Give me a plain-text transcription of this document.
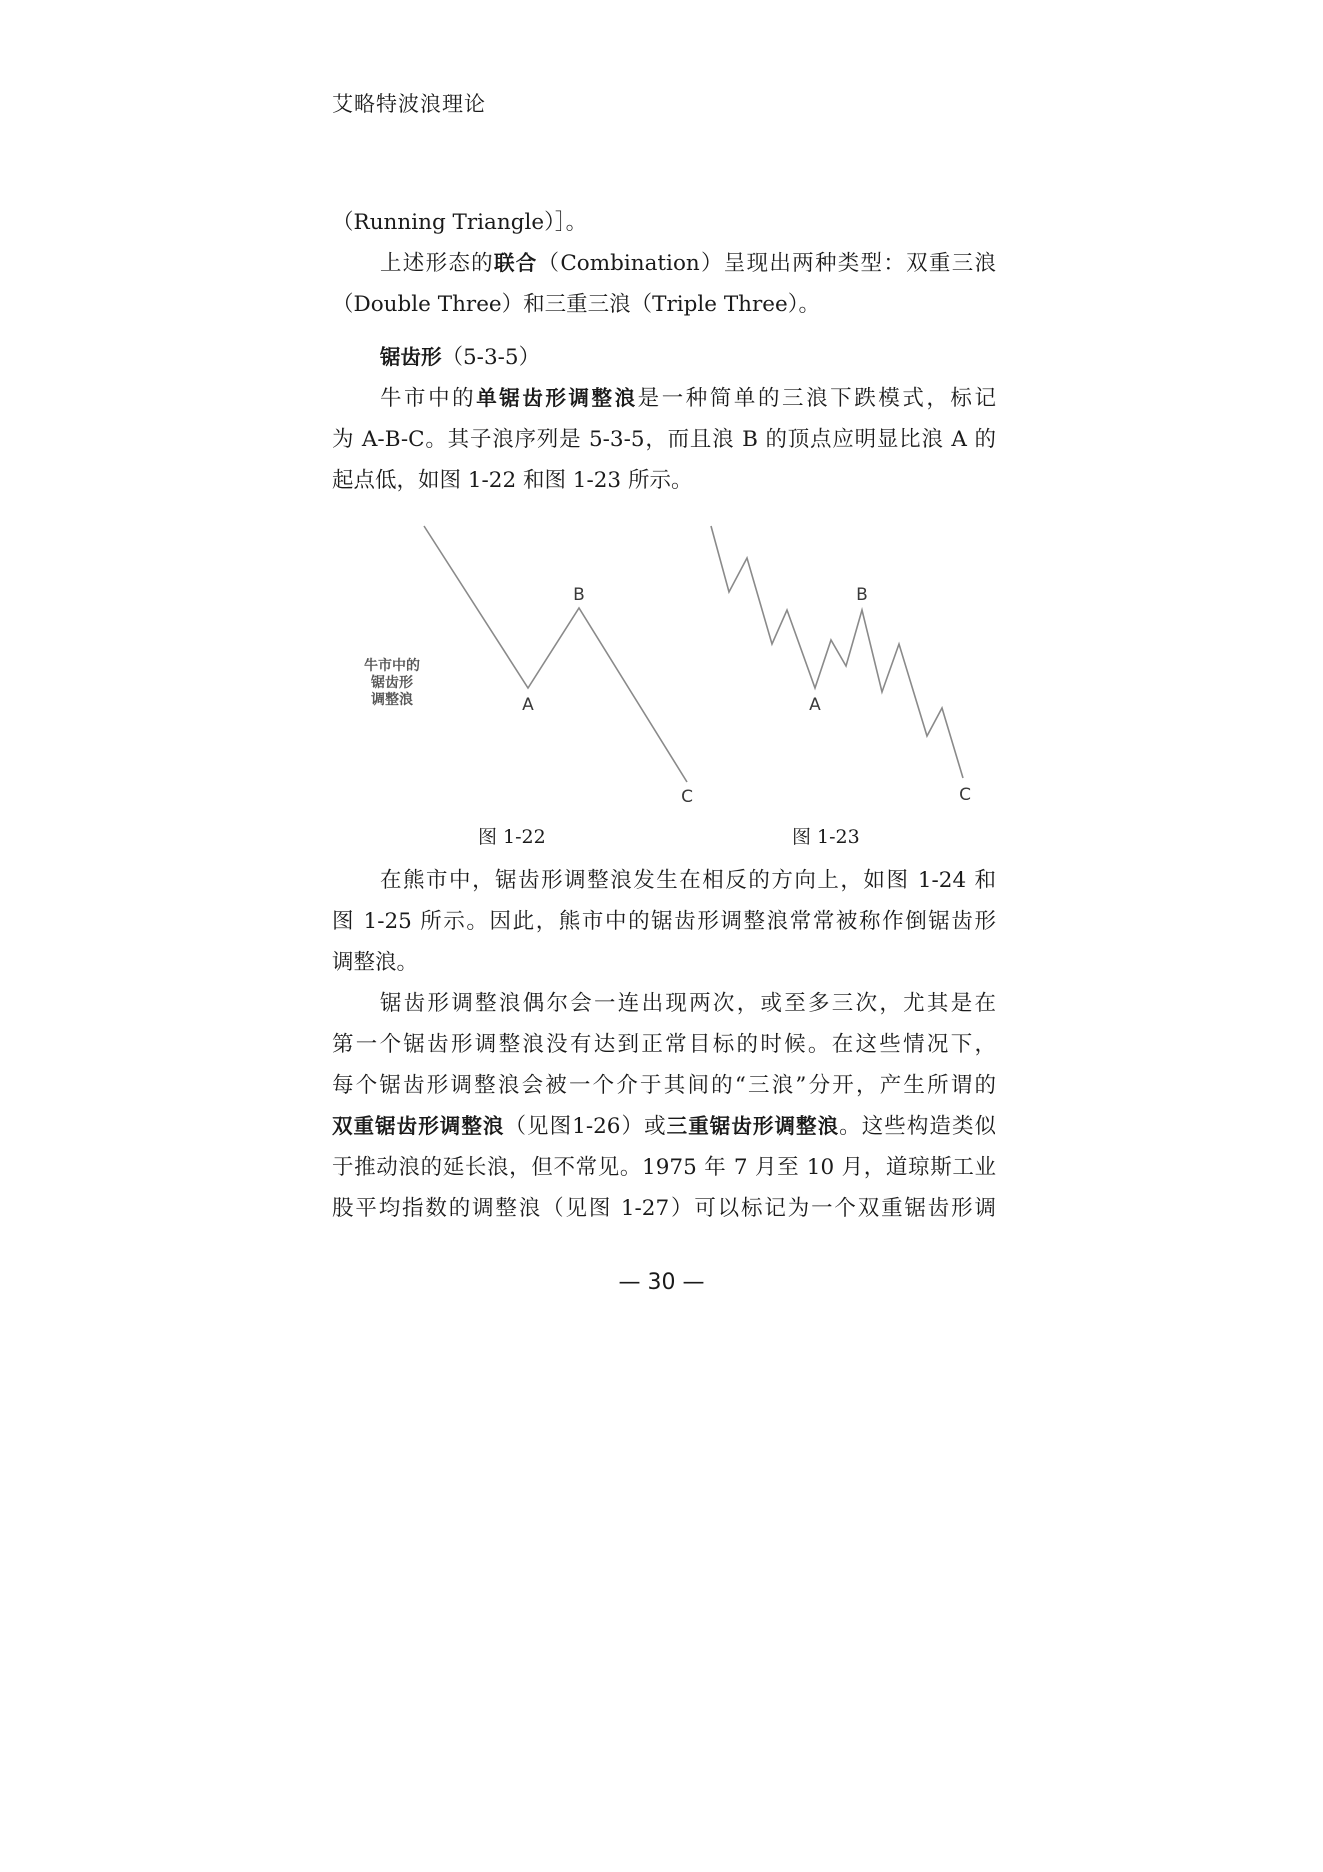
艾略特波浪理论

（Running Triangle）］。

上述形态的联合（Combination）呈现出两种类型：双重三浪

（Double Three）和三重三浪（Triple Three）。

锯齿形（5-3-5）

牛市中的单锯齿形调整浪是一种简单的三浪下跌模式，标记

为 A-B-C。其子浪序列是 5-3-5，而且浪 B 的顶点应明显比浪 A 的

起点低，如图 1-22 和图 1-23 所示。

牛市中的
锯齿形
调整浪	A
B
C
A
B
C
图 1-22	图 1-23

在熊市中，锯齿形调整浪发生在相反的方向上，如图 1-24 和

图 1-25 所示。因此，熊市中的锯齿形调整浪常常被称作倒锯齿形

调整浪。

锯齿形调整浪偶尔会一连出现两次，或至多三次，尤其是在

第一个锯齿形调整浪没有达到正常目标的时候。在这些情况下，

每个锯齿形调整浪会被一个介于其间的“三浪”分开，产生所谓的

双重锯齿形调整浪（见图1-26）或三重锯齿形调整浪。这些构造类似

于推动浪的延长浪，但不常见。1975 年 7 月至 10 月，道琼斯工业

股平均指数的调整浪（见图 1-27）可以标记为一个双重锯齿形调

— 30 —
